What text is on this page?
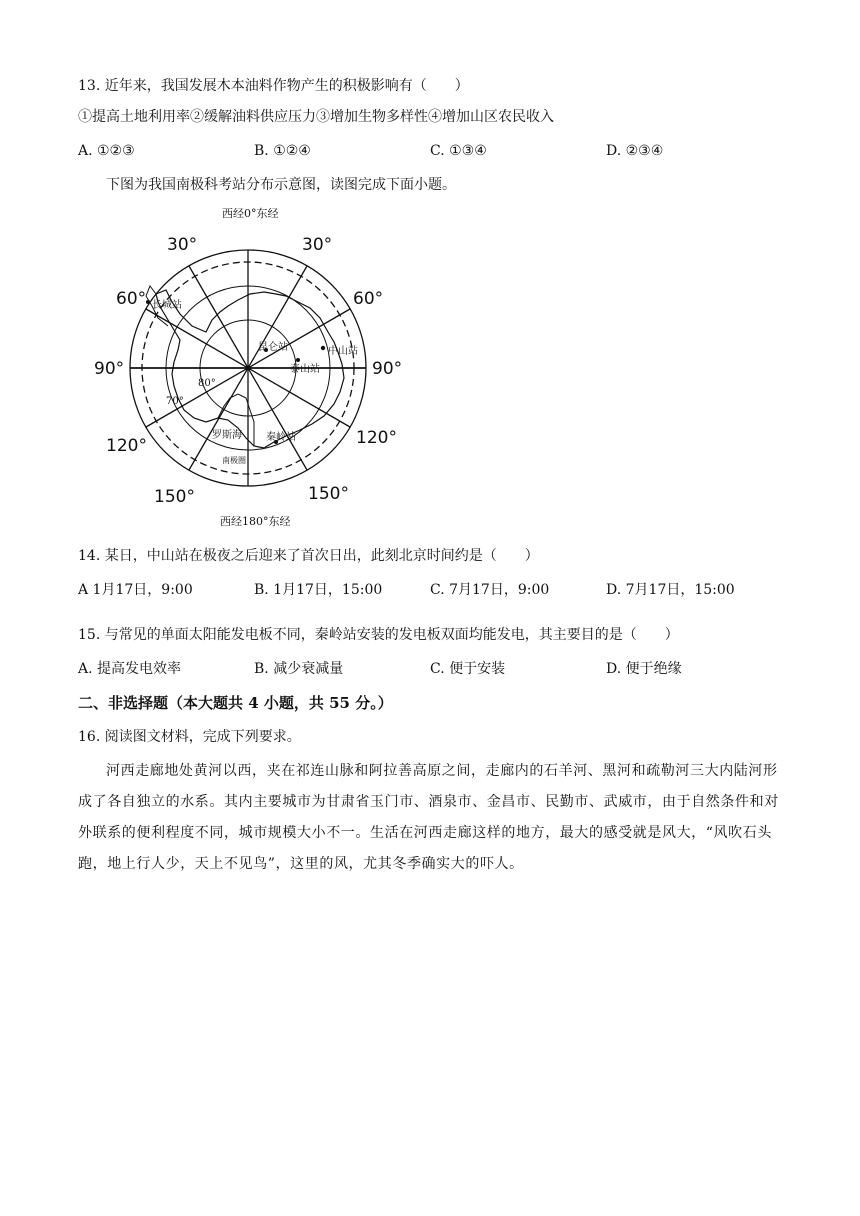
13. 近年来，我国发展木本油料作物产生的积极影响有（　　）
①提高土地利用率②缓解油料供应压力③增加生物多样性④增加山区农民收入
A. ①②③	B. ①②④	C. ①③④	D. ②③④
下图为我国南极科考站分布示意图，读图完成下面小题。
西经0°东经
西经180°东经
30°	30°
60°	60°
90°	90°
120°	120°
150°	150°
80°
70°
长城站
昆仑站	中山站
泰山站
罗斯海 秦岭站
南极圈
14. 某日，中山站在极夜之后迎来了首次日出，此刻北京时间约是（　　）
A 1月17日，9:00	B. 1月17日，15:00	C. 7月17日，9:00	D. 7月17日，15:00
15. 与常见的单面太阳能发电板不同，秦岭站安装的发电板双面均能发电，其主要目的是（　　）
A. 提高发电效率	B. 减少衰减量	C. 便于安装	D. 便于绝缘
二、非选择题（本大题共 4 小题，共 55 分。）
16. 阅读图文材料，完成下列要求。
河西走廊地处黄河以西，夹在祁连山脉和阿拉善高原之间，走廊内的石羊河、黑河和疏勒河三大内陆河形成了各自独立的水系。其内主要城市为甘肃省玉门市、酒泉市、金昌市、民勤市、武威市，由于自然条件和对外联系的便利程度不同，城市规模大小不一。生活在河西走廊这样的地方，最大的感受就是风大，“风吹石头跑，地上行人少，天上不见鸟”，这里的风，尤其冬季确实大的吓人。
